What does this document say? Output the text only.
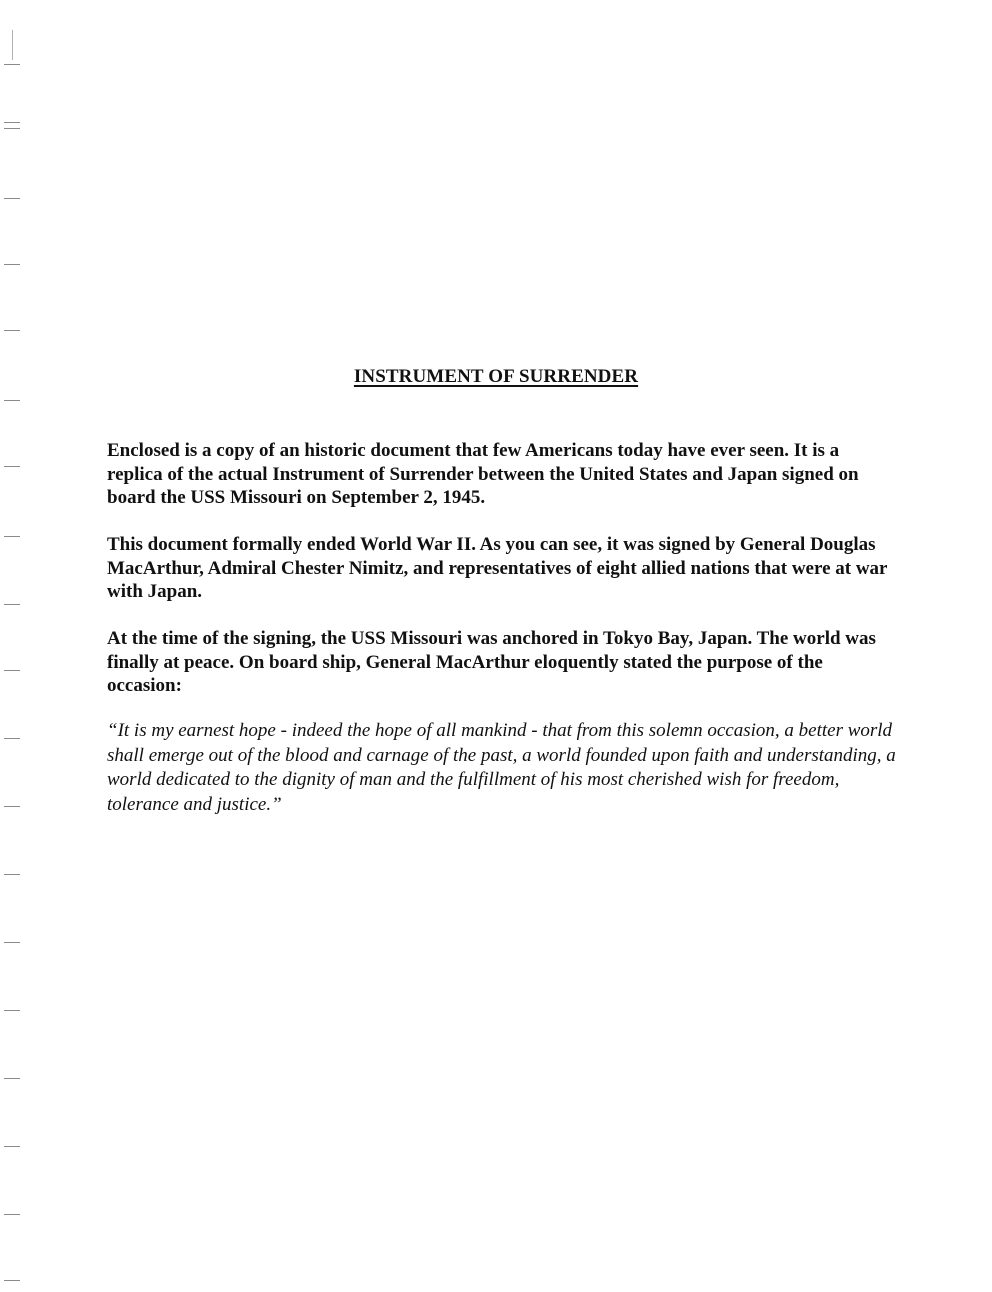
INSTRUMENT OF SURRENDER

Enclosed is a copy of an historic document that few Americans today have ever seen. It is a replica of the actual Instrument of Surrender between the United States and Japan signed on board the USS Missouri on September 2, 1945.

This document formally ended World War II. As you can see, it was signed by General Douglas MacArthur, Admiral Chester Nimitz, and representatives of eight allied nations that were at war with Japan.

At the time of the signing, the USS Missouri was anchored in Tokyo Bay, Japan. The world was finally at peace. On board ship, General MacArthur eloquently stated the purpose of the occasion:

“It is my earnest hope - indeed the hope of all mankind - that from this solemn occasion, a better world shall emerge out of the blood and carnage of the past, a world founded upon faith and understanding, a world dedicated to the dignity of man and the fulfillment of his most cherished wish for freedom, tolerance and justice.”
